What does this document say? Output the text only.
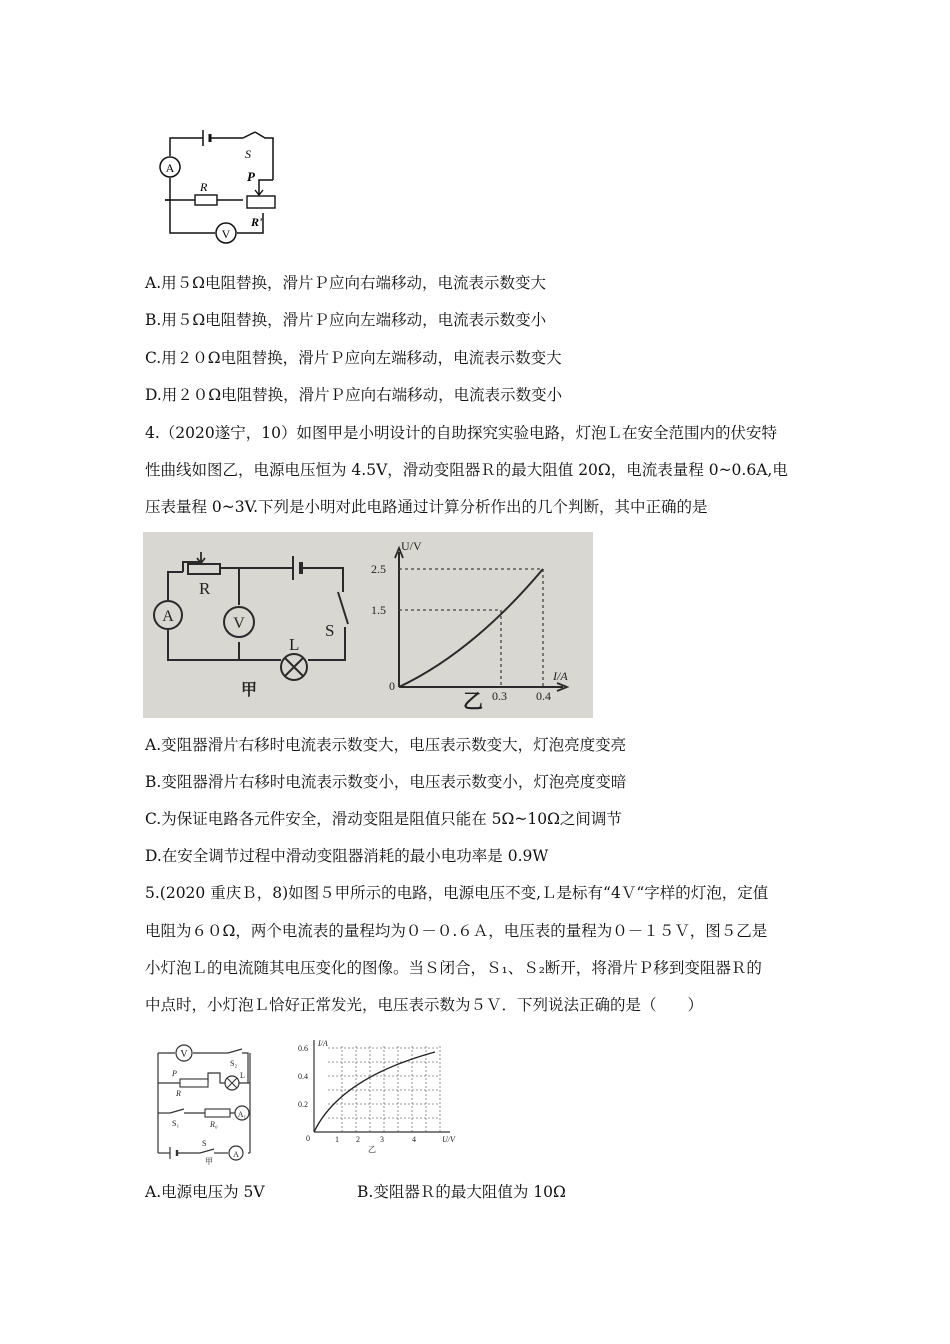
A
V
S
P
R
R'
A.用５Ω电阻替换，滑片Ｐ应向右端移动，电流表示数变大
B.用５Ω电阻替换，滑片Ｐ应向左端移动，电流表示数变小
C.用２０Ω电阻替换，滑片Ｐ应向左端移动，电流表示数变大
D.用２０Ω电阻替换，滑片Ｐ应向右端移动，电流表示数变小
4.（2020遂宁，10）如图甲是小明设计的自助探究实验电路，灯泡Ｌ在安全范围内的伏安特
性曲线如图乙，电源电压恒为 4.5V，滑动变阻器Ｒ的最大阻值 20Ω，电流表量程 0~0.6A,电
压表量程 0~3V.下列是小明对此电路通过计算分析作出的几个判断，其中正确的是
A	V
R
L
S
甲
U/V
I/A
2.5
1.5
0
0.3 0.4
乙
A.变阻器滑片右移时电流表示数变大，电压表示数变大，灯泡亮度变亮
B.变阻器滑片右移时电流表示数变小，电压表示数变小，灯泡亮度变暗
C.为保证电路各元件安全，滑动变阻是阻值只能在 5Ω~10Ω之间调节
D.在安全调节过程中滑动变阻器消耗的最小电功率是 0.9W
5.(2020 重庆Ｂ，8)如图５甲所示的电路，电源电压不变,Ｌ是标有“4Ｖ“字样的灯泡，定值
电阻为６０Ω，两个电流表的量程均为０－０.６Ａ，电压表的量程为０－１５Ｖ，图５乙是
小灯泡Ｌ的电流随其电压变化的图像。当Ｓ闭合，Ｓ₁、Ｓ₂断开，将滑片Ｐ移到变阻器Ｒ的
中点时，小灯泡Ｌ恰好正常发光，电压表示数为５Ｖ．下列说法正确的是（　　）
V
S₂
L
P
R
S₁	R₀
A₁
S
A
甲
I/A
0.6
0.4
0.2
0	1 2	3	4	U/V
乙
A.电源电压为 5V	B.变阻器Ｒ的最大阻值为 10Ω
